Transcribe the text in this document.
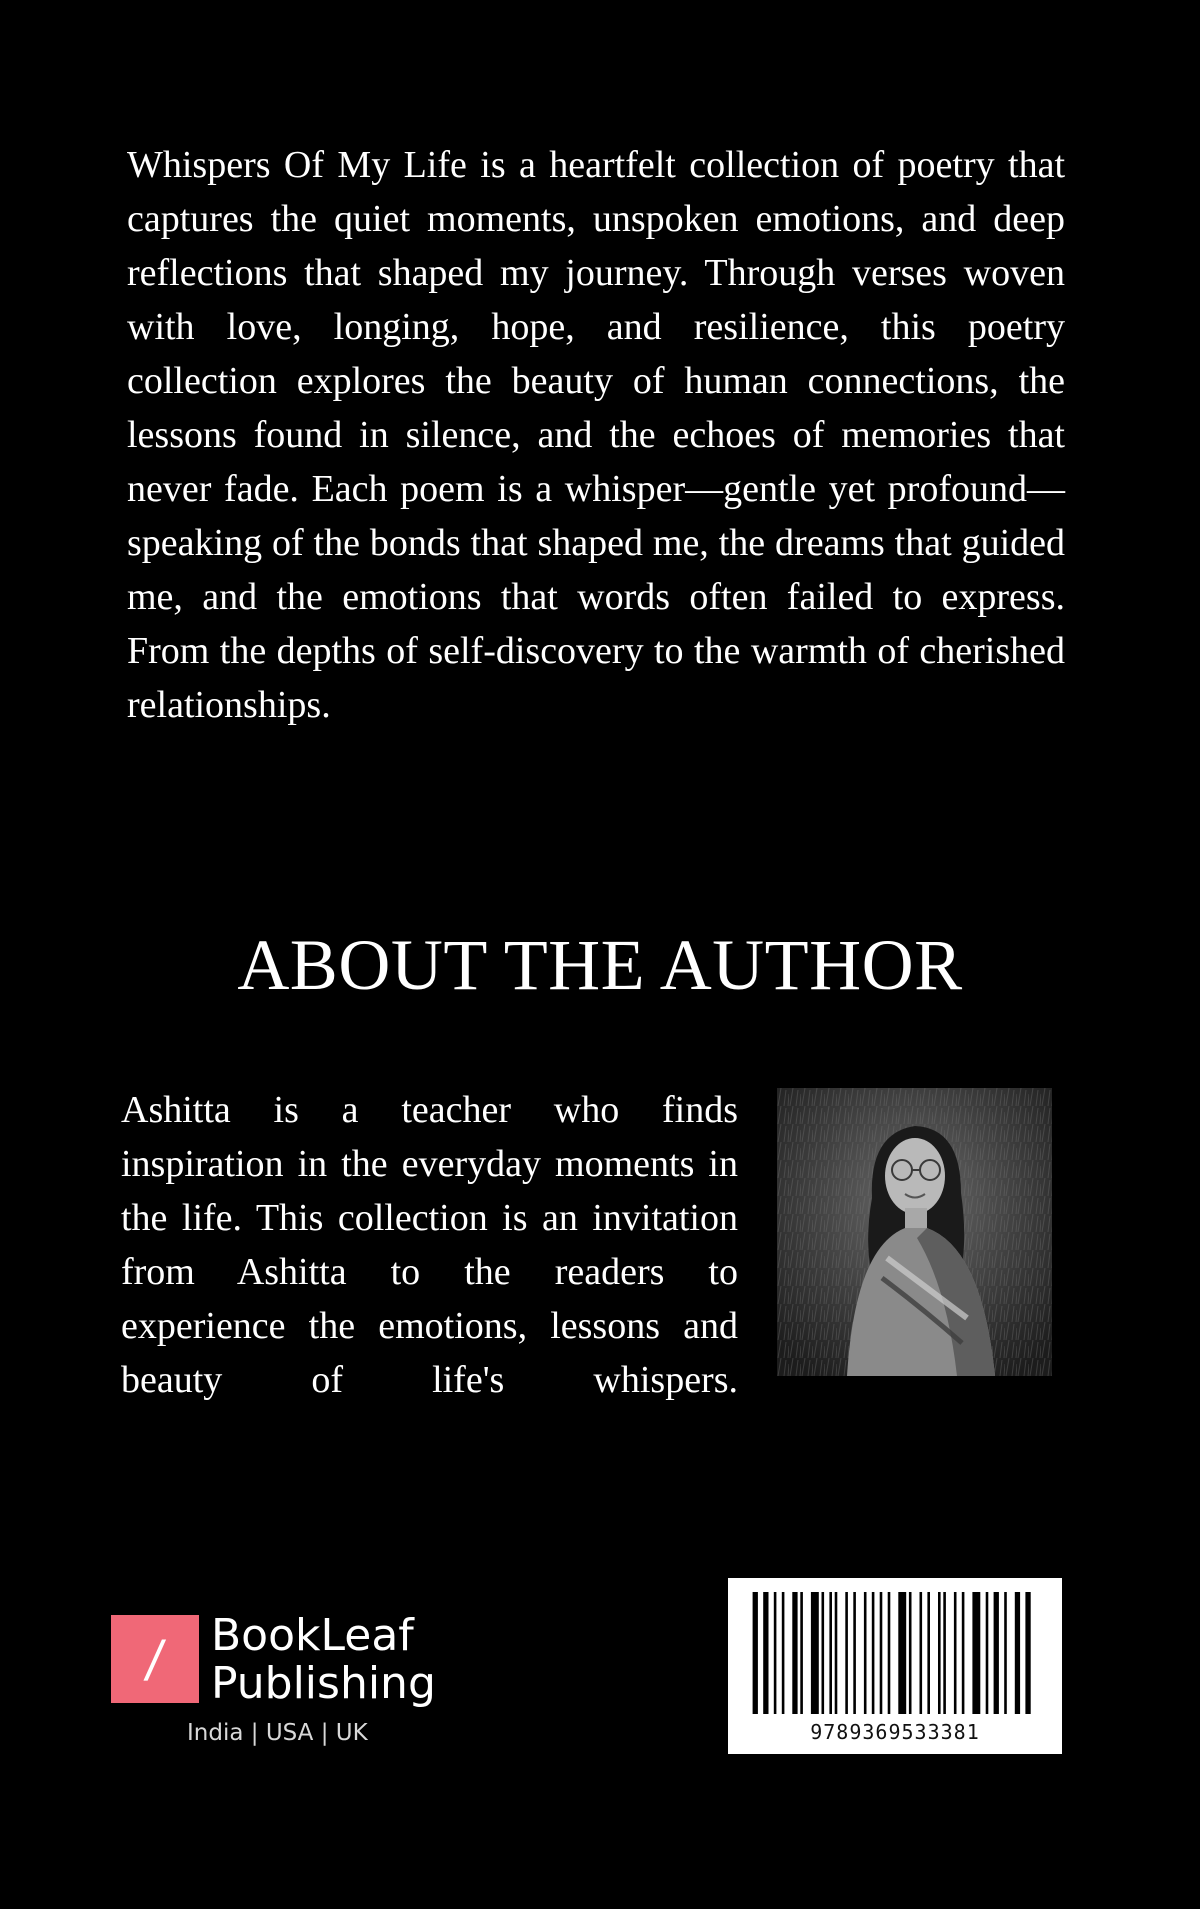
Whispers Of My Life is a heartfelt collection of poetry that captures the quiet moments, unspoken emotions, and deep reflections that shaped my journey. Through verses woven with love, longing, hope, and resilience, this poetry collection explores the beauty of human connections, the lessons found in silence, and the echoes of memories that never fade. Each poem is a whisper—gentle yet profound—speaking of the bonds that shaped me, the dreams that guided me, and the emotions that words often failed to express. From the depths of self-discovery to the warmth of cherished relationships.

ABOUT THE AUTHOR

Ashitta is a teacher who finds inspiration in the everyday moments in the life. This collection is an invitation from Ashitta to the readers to experience the emotions, lessons and beauty of life's whispers.

/ BookLeaf
Publishing
India | USA | UK	9789369533381
